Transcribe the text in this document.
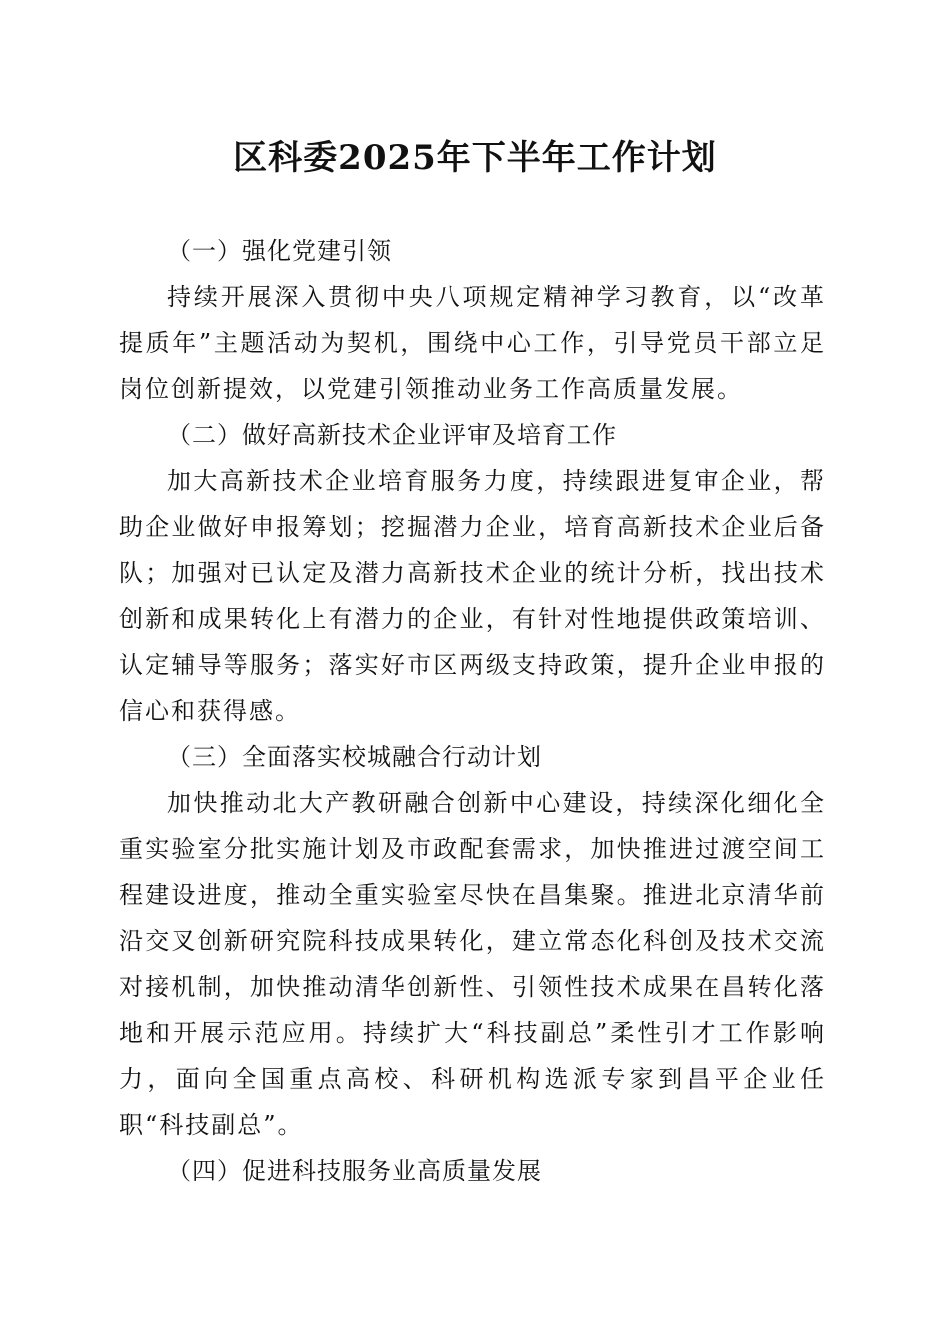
区科委2025年下半年工作计划

（一）强化党建引领

持续开展深入贯彻中央八项规定精神学习教育，以“改革提质年”主题活动为契机，围绕中心工作，引导党员干部立足岗位创新提效，以党建引领推动业务工作高质量发展。

（二）做好高新技术企业评审及培育工作

加大高新技术企业培育服务力度，持续跟进复审企业，帮助企业做好申报筹划；挖掘潜力企业，培育高新技术企业后备队；加强对已认定及潜力高新技术企业的统计分析，找出技术创新和成果转化上有潜力的企业，有针对性地提供政策培训、认定辅导等服务；落实好市区两级支持政策，提升企业申报的信心和获得感。

（三）全面落实校城融合行动计划

加快推动北大产教研融合创新中心建设，持续深化细化全重实验室分批实施计划及市政配套需求，加快推进过渡空间工程建设进度，推动全重实验室尽快在昌集聚。推进北京清华前沿交叉创新研究院科技成果转化，建立常态化科创及技术交流对接机制，加快推动清华创新性、引领性技术成果在昌转化落地和开展示范应用。持续扩大“科技副总”柔性引才工作影响力，面向全国重点高校、科研机构选派专家到昌平企业任职“科技副总”。

（四）促进科技服务业高质量发展
